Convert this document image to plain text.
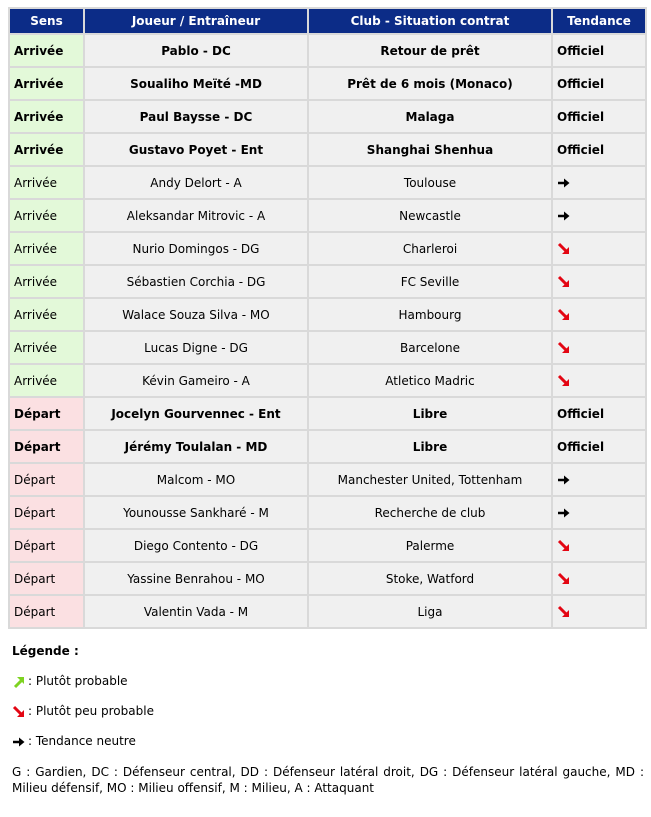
Sens	Joueur / Entraîneur	Club - Situation contrat	Tendance
Arrivée	Pablo - DC	Retour de prêt	Officiel
Arrivée	Soualiho Meïté -MD	Prêt de 6 mois (Monaco)	Officiel
Arrivée	Paul Baysse - DC	Malaga	Officiel
Arrivée	Gustavo Poyet - Ent	Shanghai Shenhua	Officiel
Arrivée	Andy Delort - A	Toulouse	
Arrivée	Aleksandar Mitrovic - A	Newcastle	
Arrivée	Nurio Domingos - DG	Charleroi	
Arrivée	Sébastien Corchia - DG	FC Seville	
Arrivée	Walace Souza Silva - MO	Hambourg	
Arrivée	Lucas Digne - DG	Barcelone	
Arrivée	Kévin Gameiro - A	Atletico Madric	
Départ	Jocelyn Gourvennec - Ent	Libre	Officiel
Départ	Jérémy Toulalan - MD	Libre	Officiel
Départ	Malcom - MO	Manchester United, Tottenham	
Départ	Younousse Sankharé - M	Recherche de club	
Départ	Diego Contento - DG	Palerme	
Départ	Yassine Benrahou - MO	Stoke, Watford	
Départ	Valentin Vada - M	Liga	

Légende :

: Plutôt probable
: Plutôt peu probable
: Tendance neutre
G : Gardien, DC : Défenseur central, DD : Défenseur latéral droit, DG : Défenseur latéral gauche, MD : Milieu défensif, MO : Milieu offensif, M : Milieu, A : Attaquant
